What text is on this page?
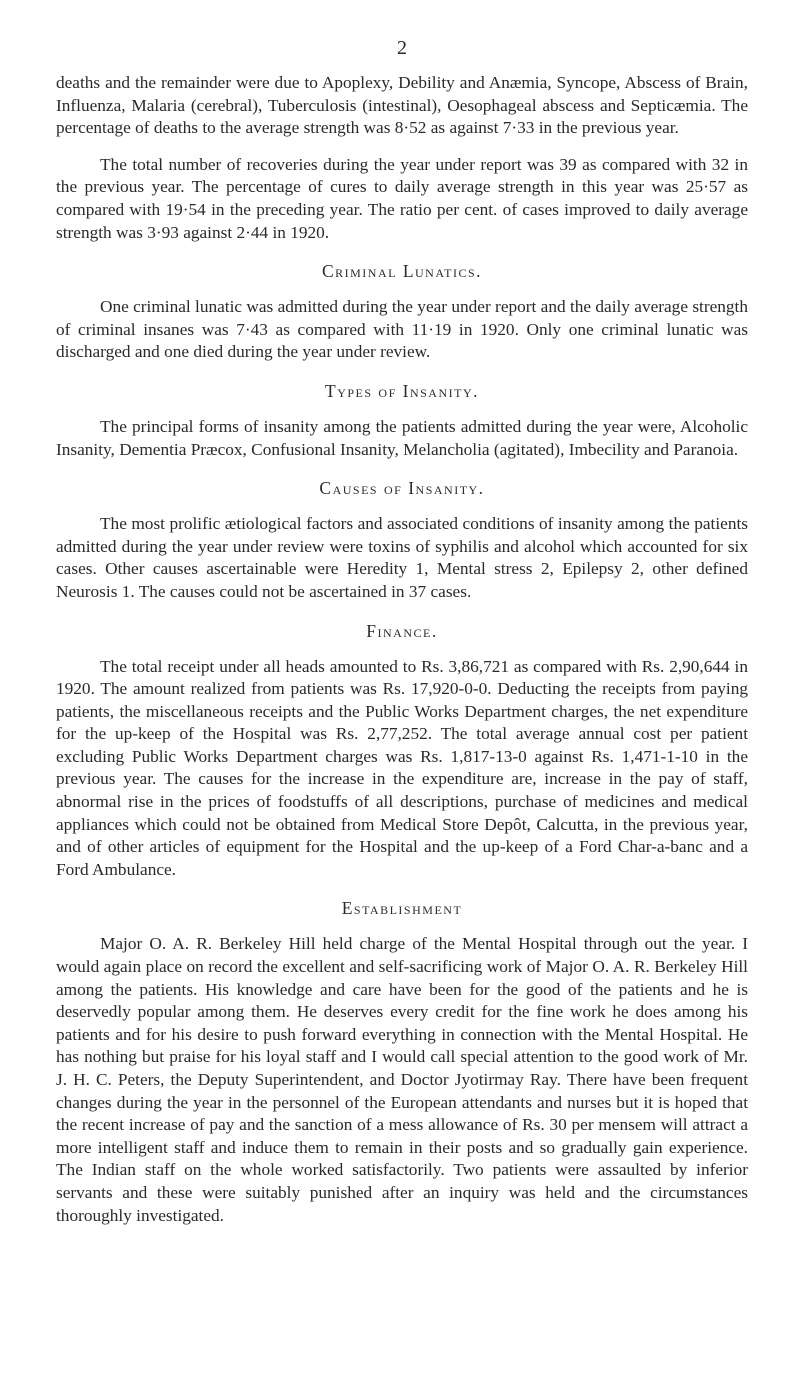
2

deaths and the remainder were due to Apoplexy, Debility and Anæmia, Syncope, Abscess of Brain, Influenza, Malaria (cerebral), Tuberculosis (intestinal), Oesophageal abscess and Septicæmia. The percentage of deaths to the average strength was 8·52 as against 7·33 in the previous year.

The total number of recoveries during the year under report was 39 as compared with 32 in the previous year. The percentage of cures to daily average strength in this year was 25·57 as compared with 19·54 in the preceding year. The ratio per cent. of cases improved to daily average strength was 3·93 against 2·44 in 1920.

Criminal Lunatics.

One criminal lunatic was admitted during the year under report and the daily average strength of criminal insanes was 7·43 as compared with 11·19 in 1920. Only one criminal lunatic was discharged and one died during the year under review.

Types of Insanity.

The principal forms of insanity among the patients admitted during the year were, Alcoholic Insanity, Dementia Præcox, Confusional Insanity, Melancholia (agitated), Imbecility and Paranoia.

Causes of Insanity.

The most prolific ætiological factors and associated conditions of insanity among the patients admitted during the year under review were toxins of syphilis and alcohol which accounted for six cases. Other causes ascertainable were Heredity 1, Mental stress 2, Epilepsy 2, other defined Neurosis 1. The causes could not be ascertained in 37 cases.

Finance.

The total receipt under all heads amounted to Rs. 3,86,721 as compared with Rs. 2,90,644 in 1920. The amount realized from patients was Rs. 17,920-0-0. Deducting the receipts from paying patients, the miscellaneous receipts and the Public Works Department charges, the net expenditure for the up-keep of the Hospital was Rs. 2,77,252. The total average annual cost per patient excluding Public Works Department charges was Rs. 1,817-13-0 against Rs. 1,471-1-10 in the previous year. The causes for the increase in the expenditure are, increase in the pay of staff, abnormal rise in the prices of foodstuffs of all descriptions, purchase of medicines and medical appliances which could not be obtained from Medical Store Depôt, Calcutta, in the previous year, and of other articles of equipment for the Hospital and the up-keep of a Ford Char-a-banc and a Ford Ambulance.

Establishment

Major O. A. R. Berkeley Hill held charge of the Mental Hospital through out the year. I would again place on record the excellent and self-sacrificing work of Major O. A. R. Berkeley Hill among the patients. His knowledge and care have been for the good of the patients and he is deservedly popular among them. He deserves every credit for the fine work he does among his patients and for his desire to push forward everything in connection with the Mental Hospital. He has nothing but praise for his loyal staff and I would call special attention to the good work of Mr. J. H. C. Peters, the Deputy Superintendent, and Doctor Jyotirmay Ray. There have been frequent changes during the year in the personnel of the European attendants and nurses but it is hoped that the recent increase of pay and the sanction of a mess allowance of Rs. 30 per mensem will attract a more intelligent staff and induce them to remain in their posts and so gradually gain experience. The Indian staff on the whole worked satisfactorily. Two patients were assaulted by inferior servants and these were suitably punished after an inquiry was held and the circumstances thoroughly investigated.
